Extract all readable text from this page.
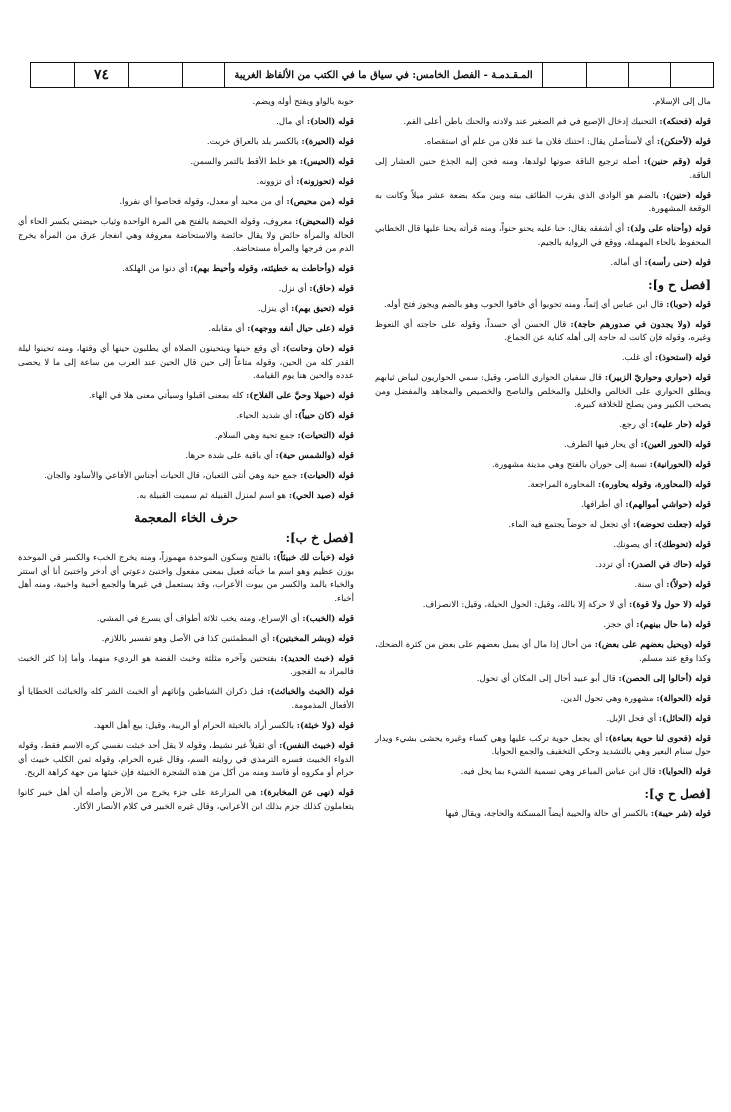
٧٤	المـقـدمـة - الفصل الخامس: في سياق ما في الكتب من الألفاظ الغريبة
مال إلى الإسلام.
قوله (فحنكه): التحنيك إدخال الإصبع في فم الصغير عند ولادته والحنك باطن أعلى الفم.
قوله (لأحنكن): أي لأستأصلن يقال: احتنك فلان ما عند فلان من علم أي استقصاه.
قوله (وقم حنين): أصله ترجيع الناقة صوتها لولدها، ومنه فحن إليه الجذع حنين العشار إلى الناقة.
قوله (حنين): بالضم هو الوادي الذي بقرب الطائف بينه وبين مكة بضعة عشر ميلاً وكانت به الوقعة المشهورة.
قوله (وأحناه على ولد): أي أشفقه يقال: حنا عليه يحنو حنواً، ومنه قرأته يحنا عليها قال الخطابي المحفوظ بالحاء المهملة، ووقع في الرواية بالجيم.
قوله (حنى رأسه): أي أماله.
[فصل ح و]:
قوله (حوبا): قال ابن عباس أي إثماً، ومنه تحوبوا أي خافوا الحوب وهو بالضم ويجوز فتح أوله.
قوله (ولا يجدون في صدورهم حاجة): قال الحسن أي حسداً، وقوله على حاجته أي النعوظ وغيره، وقوله فإن كانت له حاجة إلى أهله كناية عن الجماع.
قوله (استحوذ): أي غلب.
قوله (حواري وحواريّ الزبير): قال سفيان الحواري الناصر، وقيل: سمي الحواريون لبياض ثيابهم ويطلق الحواري على الخالص والخليل والمخلص والناصح والخصيص والمجاهد والمفضل ومن يصحب الكبير ومن يصلح للخلافة كبيرة.
قوله (حار عليه): أي رجع.
قوله (الحور العين): أي يحار فيها الطرف.
قوله (الحورانية): نسبة إلى حوران بالفتح وهي مدينة مشهورة.
قوله (المحاورة، وقوله يحاوره): المحاورة المراجعة.
قوله (حواشي أموالهم): أي أطرافها.
قوله (جعلت تحوضه): أي تجعل له حوضاً يجتمع فيه الماء.
قوله (تحوطك): أي يصونك.
قوله (حاك في الصدر): أي تردد.
قوله (حولاً): أي سنة.
قوله (لا حول ولا قوة): أي لا حركة إلا بالله، وقيل: الحول الحيلة، وقيل: الانصراف.
قوله (ما حال بينهم): أي حجز.
قوله (ويحيل بعضهم على بعض): من أحال إذا مال أي يميل بعضهم على بعض من كثرة الضحك، وكذا وقع عند مسلم.
قوله (أحالوا إلى الحصن): قال أبو عبيد أحال إلى المكان أي تحول.
قوله (الحوالة): مشهورة وهي تحول الدين.
قوله (الحائل): أي فحل الإبل.
قوله (فحوى لنا حوية بعباءة): أي يجعل حوية تركب عليها وهي كساء وغيره يحشى بشيء ويدار حول سنام البعير وهي بالتشديد وحكي التخفيف والجمع الحوايا.
قوله (الحوايا): قال ابن عباس المباعر وهي تسمية الشيء بما يحل فيه.
[فصل ح ي]:
قوله (شر حيبة): بالكسر أي حالة والحيبة أيضاً المسكنة والحاجة، ويقال فيها
حوبة بالواو ويفتح أوله ويضم.
قوله (الحاد): أي مال.
قوله (الحيرة): بالكسر بلد بالعراق خربت.
قوله (الحيس): هو خلط الأقط بالتمر والسمن.
قوله (تحوزونه): أي تزوونه.
قوله (من محيص): أي من محيد أو معدل، وقوله فحاصوا أي نفروا.
قوله (المحيض): معروف، وقوله الحيضة بالفتح هي المرة الواحدة وثياب حيضتي بكسر الحاء أي الحالة والمرأة حائض ولا يقال حائضة والاستحاضة معروفة وهي انفجار عرق من المرأة يخرج الدم من فرجها والمرأة مستحاضة.
قوله (وأحاطت به خطيئته، وقوله وأحيط بهم): أي دنوا من الهلكة.
قوله (حاق): أي نزل.
قوله (تحيق بهم): أي ينزل.
قوله (على حيال أنفه ووجهه): أي مقابله.
قوله (حان وحانت): أي وقع حينها ويتحينون الصلاة أي يطلبون حينها أي وقتها، ومنه تحينوا ليلة القدر كله من الحين، وقوله متاعاً إلى حين قال الحين عند العرب من ساعة إلى ما لا يحصى عدده والحين هنا يوم القيامة.
قوله (حيهلا وحيَّ على الفلاح): كله بمعنى اقبلوا وسيأتي معنى هلا في الهاء.
قوله (كان حيياً): أي شديد الحياء.
قوله (التحيات): جمع تحية وهي السلام.
قوله (والشمس حية): أي باقية على شدة حرها.
قوله (الحيات): جمع حية وهي أنثى الثعبان، قال الحيات أجناس الأفاعي والأساود والجان.
قوله (صيد الحي): هو اسم لمنزل القبيلة ثم سميت القبيلة به.
حرف الخاء المعجمة
[فصل خ ب]:
قوله (خبأت لك خبيئاً): بالفتح وسكون الموحدة مهموزاً، ومنه يخرج الخبء والكسر في الموحدة بوزن عظيم وهو اسم ما خبأته فعيل بمعنى مفعول واختبئ دعوتي أي أدخر واختبئ أنا أي استتر والخباء بالمد والكسر من بيوت الأعراب، وقد يستعمل في غيرها والجمع أخبية واخبية، ومنه أهل أخباء.
قوله (الخبب): أي الإسراع، ومنه يخب ثلاثة أطواف أي يسرع في المشي.
قوله (وبشر المخبتين): أي المطمئنين كذا في الأصل وهو تفسير باللازم.
قوله (خبث الحديد): بفتحتين وآخره مثلثة وخبث الفضة هو الرديء منهما، وأما إذا كثر الخبث فالمراد به الفجور.
قوله (الخبث والخبائث): قيل ذكران الشياطين وإناثهم أو الخبث الشر كله والخبائث الخطايا أو الأفعال المذمومة.
قوله (ولا خبثة): بالكسر أراد بالخبثة الحرام أو الريبة، وقيل: بيع أهل العهد.
قوله (خبيث النفس): أي ثقيلاً غير نشيط، وقوله لا يقل أحد خبثت نفسي كره الاسم فقط، وقوله الدواء الخبيث فسره الترمذي في روايته السم، وقال غيره الحرام، وقوله ثمن الكلب خبيث أي حرام أو مكروه أو فاسد ومنه من أكل من هذه الشجرة الخبيثة فإن خبثها من جهة كراهة الريح.
قوله (نهى عن المخابرة): هي المزارعة على جزء يخرج من الأرض وأصله أن أهل خيبر كانوا يتعاملون كذلك جزم بذلك ابن الأعرابي، وقال غيره الخبير في كلام الأنصار الأكار.
